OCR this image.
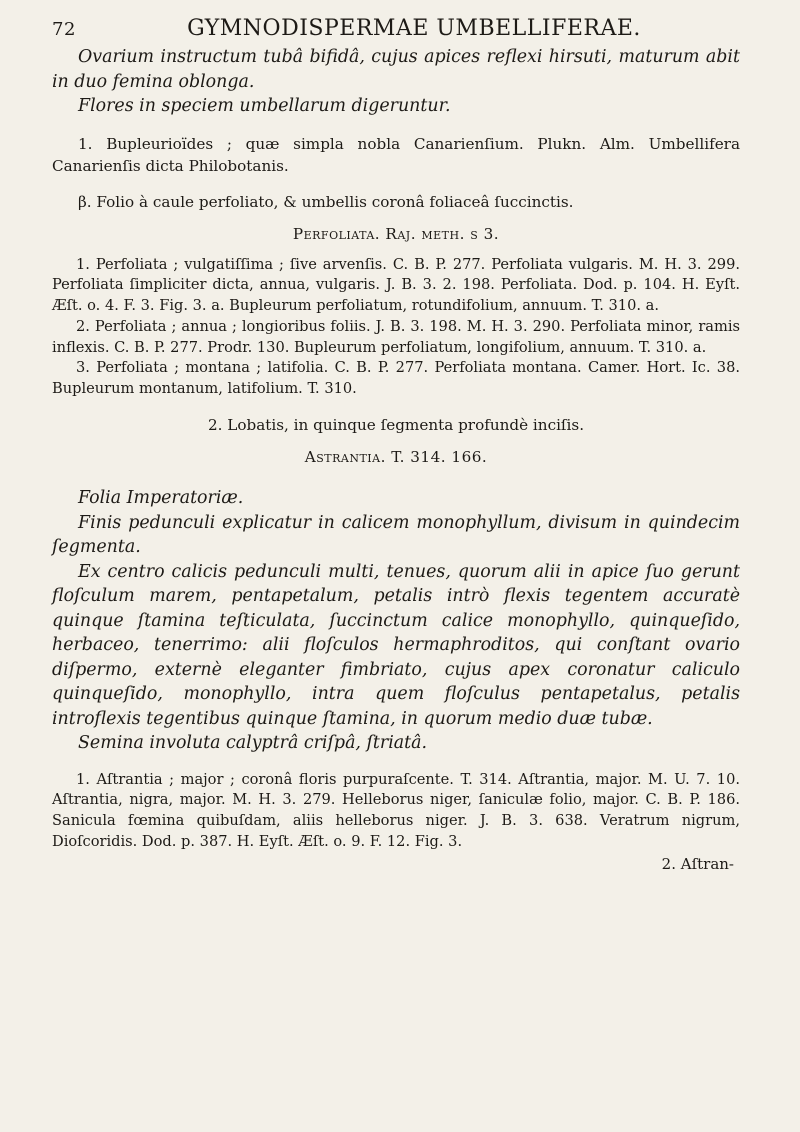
72	GYMNODISPERMAE UMBELLIFERAE.

Ovarium instructum tubâ bifidâ, cujus apices reflexi hirsuti, maturum abit in duo femina oblonga.

Flores in speciem umbellarum digeruntur.

1. Bupleurioïdes ; quæ simpla nobla Canarienſium. Plukn. Alm. Umbellifera Canarienſis dicta Philobotanis.

β. Folio à caule perfoliato, & umbellis coronâ foliaceâ ſuccinctis.

Perfoliata. Raj. meth. ſ 3.

1. Perfoliata ; vulgatiſſima ; ſive arvenſis. C. B. P. 277. Perfoliata vulgaris. M. H. 3. 299. Perfoliata ſimpliciter dicta, annua, vulgaris. J. B. 3. 2. 198. Perfoliata. Dod. p. 104. H. Eyſt. Æſt. o. 4. F. 3. Fig. 3. a. Bupleurum perfoliatum, rotundifolium, annuum. T. 310. a.

2. Perfoliata ; annua ; longioribus foliis. J. B. 3. 198. M. H. 3. 290. Perfoliata minor, ramis inflexis. C. B. P. 277. Prodr. 130. Bupleurum perfoliatum, longifolium, annuum. T. 310. a.

3. Perfoliata ; montana ; latifolia. C. B. P. 277. Perfoliata montana. Camer. Hort. Ic. 38. Bupleurum montanum, latifolium. T. 310.

2. Lobatis, in quinque ſegmenta profundè inciſis.

Astrantia. T. 314. 166.

Folia Imperatoriæ.

Finis pedunculi explicatur in calicem monophyllum, divisum in quindecim ſegmenta.

Ex centro calicis pedunculi multi, tenues, quorum alii in apice ſuo gerunt floſculum marem, pentapetalum, petalis intrò flexis tegentem accuratè quinque ſtamina teſticulata, ſuccinctum calice monophyllo, quinqueſido, herbaceo, tenerrimo: alii floſculos hermaphroditos, qui conſtant ovario diſpermo, externè eleganter fimbriato, cujus apex coronatur caliculo quinqueſido, monophyllo, intra quem floſculus pentapetalus, petalis introflexis tegentibus quinque ſtamina, in quorum medio duæ tubæ.

Semina involuta calyptrâ criſpâ, ſtriatâ.

1. Aſtrantia ; major ; coronâ floris purpuraſcente. T. 314. Aſtrantia, major. M. U. 7. 10. Aſtrantia, nigra, major. M. H. 3. 279. Helleborus niger, ſaniculæ folio, major. C. B. P. 186. Sanicula fœmina quibuſdam, aliis helleborus niger. J. B. 3. 638. Veratrum nigrum, Dioſcoridis. Dod. p. 387. H. Eyſt. Æſt. o. 9. F. 12. Fig. 3.

2. Aſtran-
